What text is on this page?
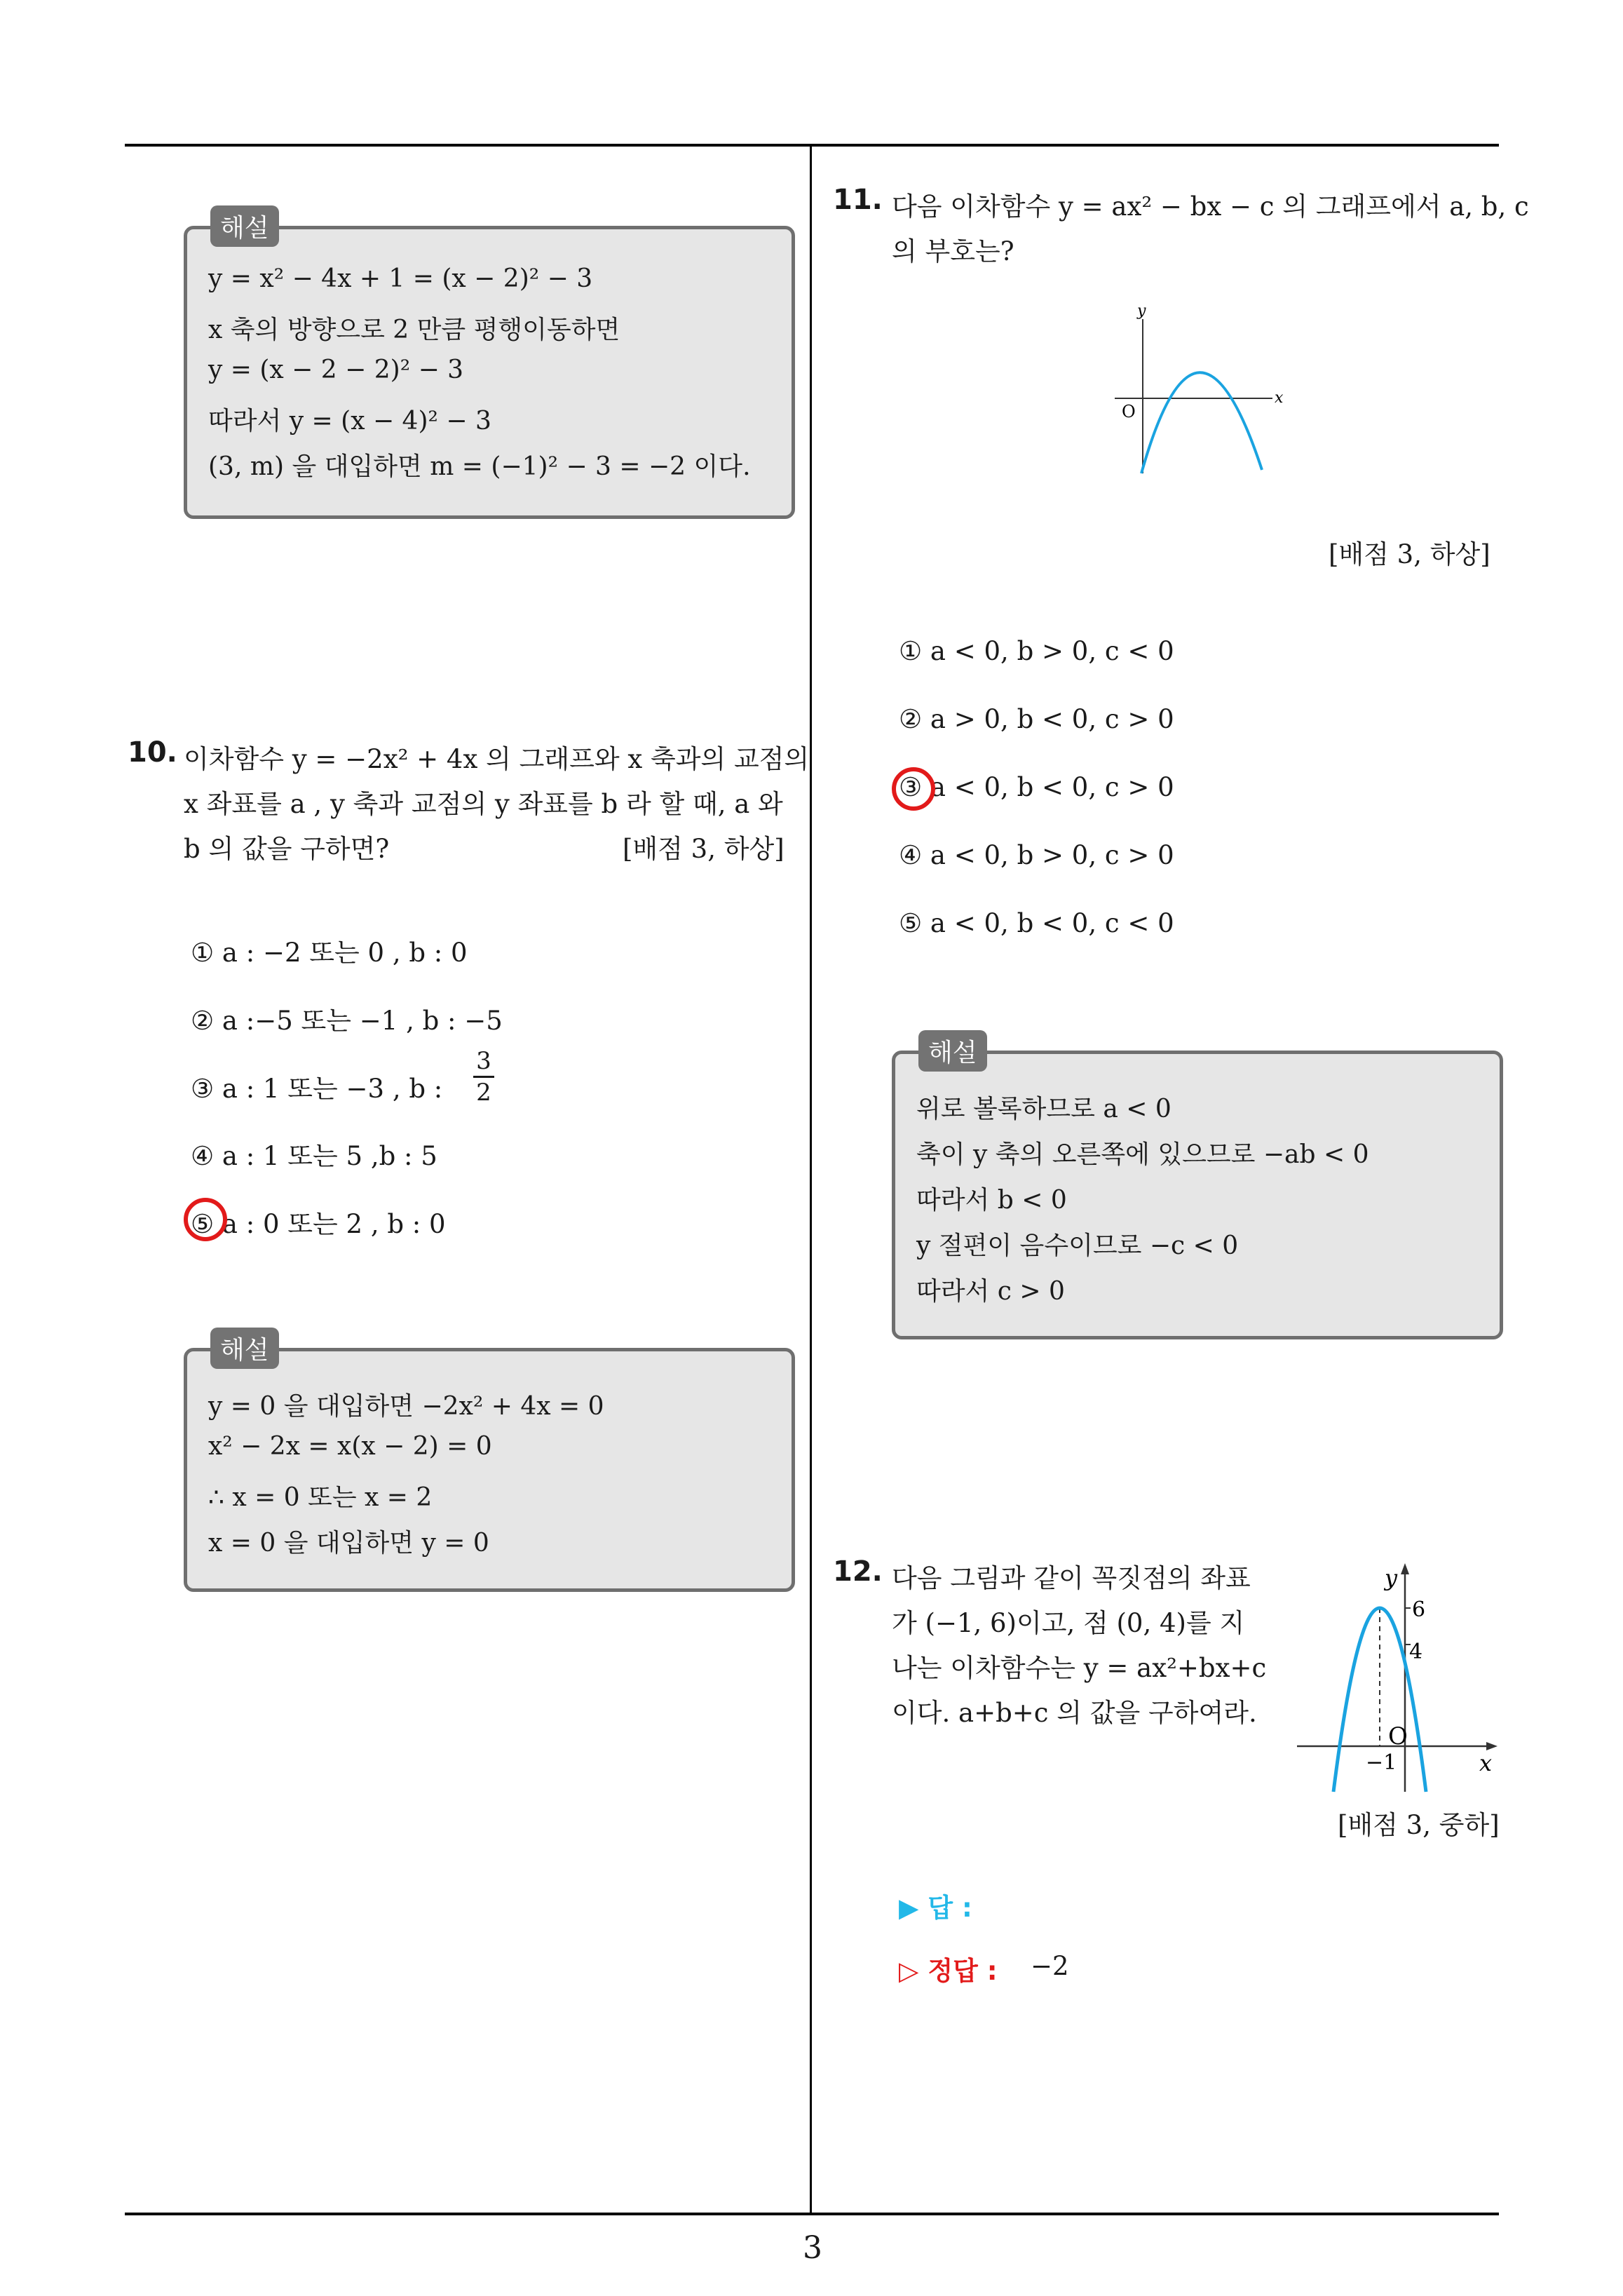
3
y = x² − 4x + 1 = (x − 2)² − 3
x 축의 방향으로 2 만큼 평행이동하면
y = (x − 2 − 2)² − 3
따라서 y = (x − 4)² − 3
(3, m) 을 대입하면 m = (−1)² − 3 = −2 이다.
해설
10. 이차함수 y = −2x² + 4x 의 그래프와 x 축과의 교점의
x 좌표를 a , y 축과 교점의 y 좌표를 b 라 할 때, a 와
b 의 값을 구하면?	[배점 3, 하상]
① a : −2 또는 0 , b : 0
② a :−5 또는 −1 , b : −5
③ a : 1 또는 −3 , b : $\frac{3}{2}$
④ a : 1 또는 5 ,b : 5
⑤ a : 0 또는 2 , b : 0
y = 0 을 대입하면 −2x² + 4x = 0
x² − 2x = x(x − 2) = 0
∴ x = 0 또는 x = 2
x = 0 을 대입하면 y = 0
해설
11. 다음 이차함수 y = ax² − bx − c 의 그래프에서 a, b, c
의 부호는?
y
x
O
[배점 3, 하상]
① a < 0, b > 0, c < 0
② a > 0, b < 0, c > 0
③ a < 0, b < 0, c > 0
④ a < 0, b > 0, c > 0
⑤ a < 0, b < 0, c < 0
위로 볼록하므로 a < 0
축이 y 축의 오른쪽에 있으므로 −ab < 0
따라서 b < 0
y 절편이 음수이므로 −c < 0
따라서 c > 0
해설
12. 다음 그림과 같이 꼭짓점의 좌표
가 (−1, 6)이고, 점 (0, 4)를 지
나는 이차함수는 y = ax²+bx+c
이다. a+b+c 의 값을 구하여라.
y
x
6
4
O
−1
[배점 3, 중하]
▶ 답 :
▷ 정답 : −2
